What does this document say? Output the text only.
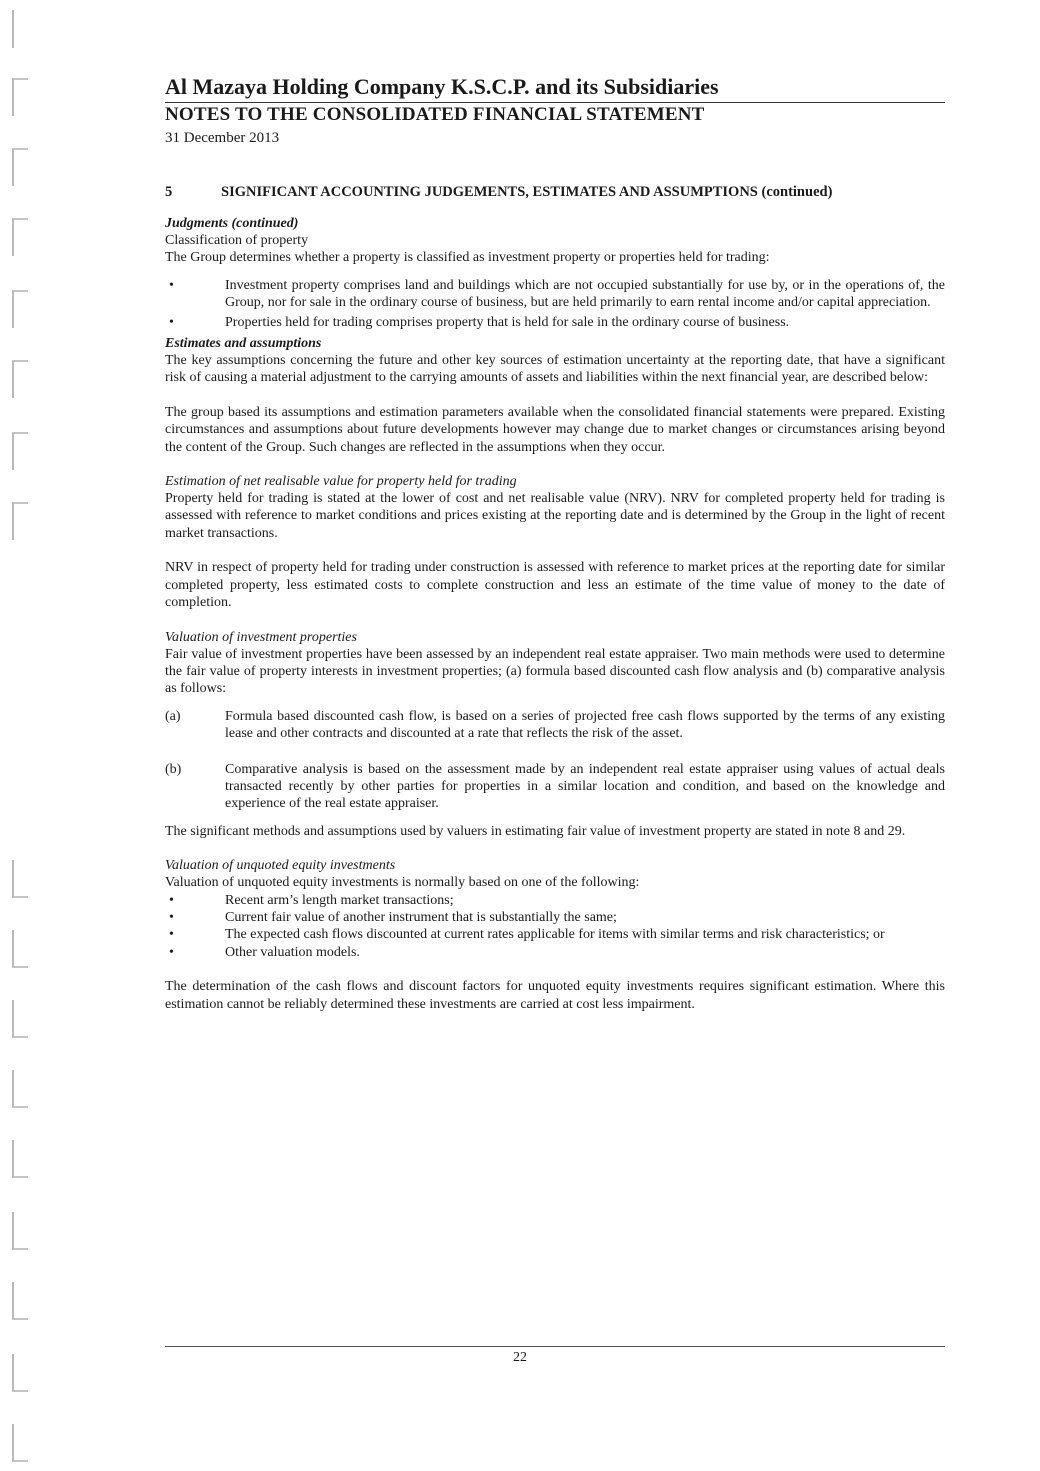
Al Mazaya Holding Company K.S.C.P. and its Subsidiaries
NOTES TO THE CONSOLIDATED FINANCIAL STATEMENT
31 December 2013
5	SIGNIFICANT ACCOUNTING JUDGEMENTS, ESTIMATES AND ASSUMPTIONS (continued)
Judgments (continued)

Classification of property

The Group determines whether a property is classified as investment property or properties held for trading:

•	Investment property comprises land and buildings which are not occupied substantially for use by, or in the operations of, the Group, nor for sale in the ordinary course of business, but are held primarily to earn rental income and/or capital appreciation.
•	Properties held for trading comprises property that is held for sale in the ordinary course of business.
Estimates and assumptions

The key assumptions concerning the future and other key sources of estimation uncertainty at the reporting date, that have a significant risk of causing a material adjustment to the carrying amounts of assets and liabilities within the next financial year, are described below:

The group based its assumptions and estimation parameters available when the consolidated financial statements were prepared. Existing circumstances and assumptions about future developments however may change due to market changes or circumstances arising beyond the content of the Group. Such changes are reflected in the assumptions when they occur.

Estimation of net realisable value for property held for trading

Property held for trading is stated at the lower of cost and net realisable value (NRV). NRV for completed property held for trading is assessed with reference to market conditions and prices existing at the reporting date and is determined by the Group in the light of recent market transactions.

NRV in respect of property held for trading under construction is assessed with reference to market prices at the reporting date for similar completed property, less estimated costs to complete construction and less an estimate of the time value of money to the date of completion.

Valuation of investment properties

Fair value of investment properties have been assessed by an independent real estate appraiser. Two main methods were used to determine the fair value of property interests in investment properties; (a) formula based discounted cash flow analysis and (b) comparative analysis as follows:

(a)	Formula based discounted cash flow, is based on a series of projected free cash flows supported by the terms of any existing lease and other contracts and discounted at a rate that reflects the risk of the asset.
(b)	Comparative analysis is based on the assessment made by an independent real estate appraiser using values of actual deals transacted recently by other parties for properties in a similar location and condition, and based on the knowledge and experience of the real estate appraiser.

The significant methods and assumptions used by valuers in estimating fair value of investment property are stated in note 8 and 29.

Valuation of unquoted equity investments

Valuation of unquoted equity investments is normally based on one of the following:

•	Recent arm’s length market transactions;
•	Current fair value of another instrument that is substantially the same;
•	The expected cash flows discounted at current rates applicable for items with similar terms and risk characteristics; or
•	Other valuation models.

The determination of the cash flows and discount factors for unquoted equity investments requires significant estimation. Where this estimation cannot be reliably determined these investments are carried at cost less impairment.

22
